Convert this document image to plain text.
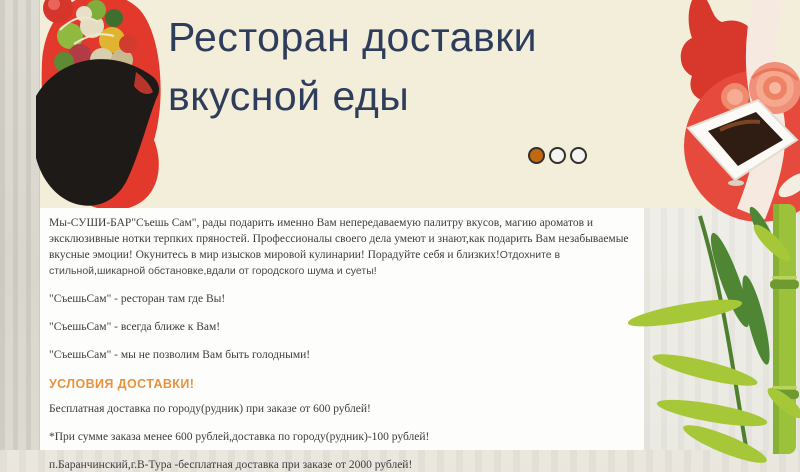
Ресторан доставки
вкусной еды

Мы-СУШИ-БАР"Съешь Сам", рады подарить именно Вам непередаваемую палитру вкусов, магию ароматов и эксклюзивные нотки терпких пряностей. Профессионалы своего дела умеют и знают,как подарить Вам незабываемые вкусные эмоции! Окунитесь в мир изысков мировой кулинарии! Порадуйте себя и близких!Отдохните в стильной,шикарной обстановке,вдали от городского шума и суеты!

"СъешьСам" - ресторан там где Вы!

"СъешьСам" - всегда ближе к Вам!

"СъешьСам" - мы не позволим Вам быть голодными!

УСЛОВИЯ ДОСТАВКИ!

Бесплатная доставка по городу(рудник) при заказе от 600 рублей!

*При сумме заказа менее 600 рублей,доставка по городу(рудник)-100 рублей!

п.Баранчинский,г.В-Тура -бесплатная доставка при заказе от 2000 рублей!
